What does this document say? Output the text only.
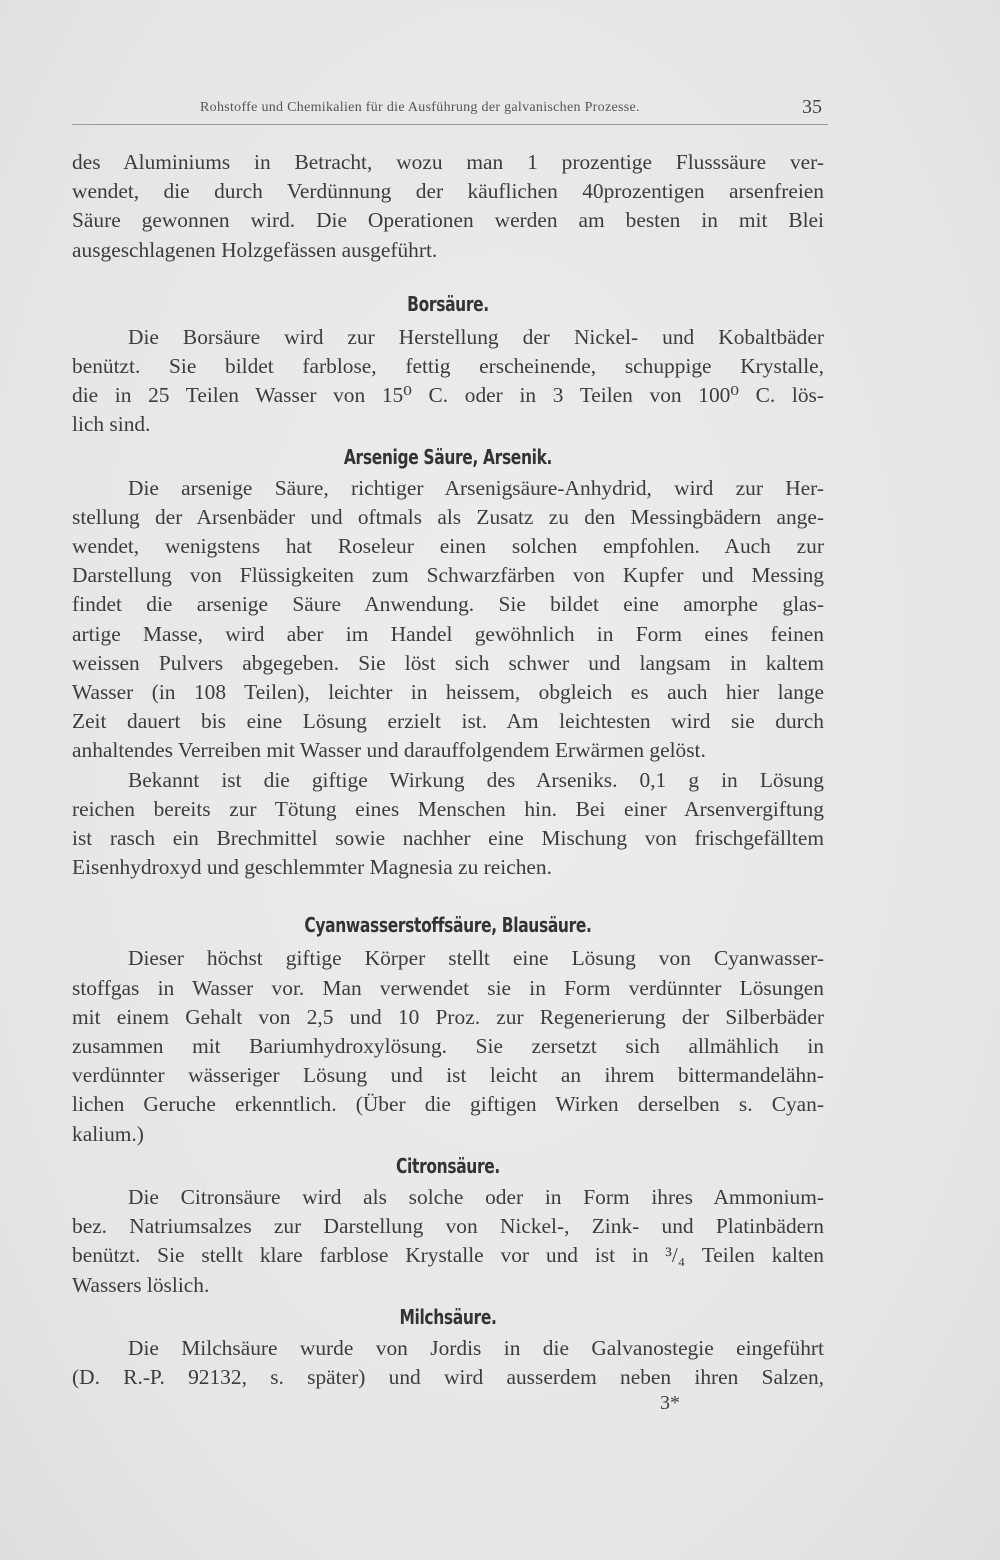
Rohstoffe und Chemikalien für die Ausführung der galvanischen Prozesse.	35
des Aluminiums in Betracht, wozu man 1 prozentige Flusssäure ver-
wendet, die durch Verdünnung der käuflichen 40prozentigen arsenfreien
Säure gewonnen wird. Die Operationen werden am besten in mit Blei
ausgeschlagenen Holzgefässen ausgeführt.
Borsäure.
Die Borsäure wird zur Herstellung der Nickel- und Kobaltbäder
benützt. Sie bildet farblose, fettig erscheinende, schuppige Krystalle,
die in 25 Teilen Wasser von 15⁰ C. oder in 3 Teilen von 100⁰ C. lös-
lich sind.
Arsenige Säure, Arsenik.
Die arsenige Säure, richtiger Arsenigsäure-Anhydrid, wird zur Her-
stellung der Arsenbäder und oftmals als Zusatz zu den Messingbädern ange-
wendet, wenigstens hat Roseleur einen solchen empfohlen. Auch zur
Darstellung von Flüssigkeiten zum Schwarzfärben von Kupfer und Messing
findet die arsenige Säure Anwendung. Sie bildet eine amorphe glas-
artige Masse, wird aber im Handel gewöhnlich in Form eines feinen
weissen Pulvers abgegeben. Sie löst sich schwer und langsam in kaltem
Wasser (in 108 Teilen), leichter in heissem, obgleich es auch hier lange
Zeit dauert bis eine Lösung erzielt ist. Am leichtesten wird sie durch
anhaltendes Verreiben mit Wasser und darauffolgendem Erwärmen gelöst.
Bekannt ist die giftige Wirkung des Arseniks. 0,1 g in Lösung
reichen bereits zur Tötung eines Menschen hin. Bei einer Arsenvergiftung
ist rasch ein Brechmittel sowie nachher eine Mischung von frischgefälltem
Eisenhydroxyd und geschlemmter Magnesia zu reichen.
Cyanwasserstoffsäure, Blausäure.
Dieser höchst giftige Körper stellt eine Lösung von Cyanwasser-
stoffgas in Wasser vor. Man verwendet sie in Form verdünnter Lösungen
mit einem Gehalt von 2,5 und 10 Proz. zur Regenerierung der Silberbäder
zusammen mit Bariumhydroxylösung. Sie zersetzt sich allmählich in
verdünnter wässeriger Lösung und ist leicht an ihrem bittermandelähn-
lichen Geruche erkenntlich. (Über die giftigen Wirken derselben s. Cyan-
kalium.)
Citronsäure.
Die Citronsäure wird als solche oder in Form ihres Ammonium-
bez. Natriumsalzes zur Darstellung von Nickel-, Zink- und Platinbädern
benützt. Sie stellt klare farblose Krystalle vor und ist in ³/₄ Teilen kalten
Wassers löslich.
Milchsäure.
Die Milchsäure wurde von Jordis in die Galvanostegie eingeführt
(D. R.-P. 92132, s. später) und wird ausserdem neben ihren Salzen,
3*
